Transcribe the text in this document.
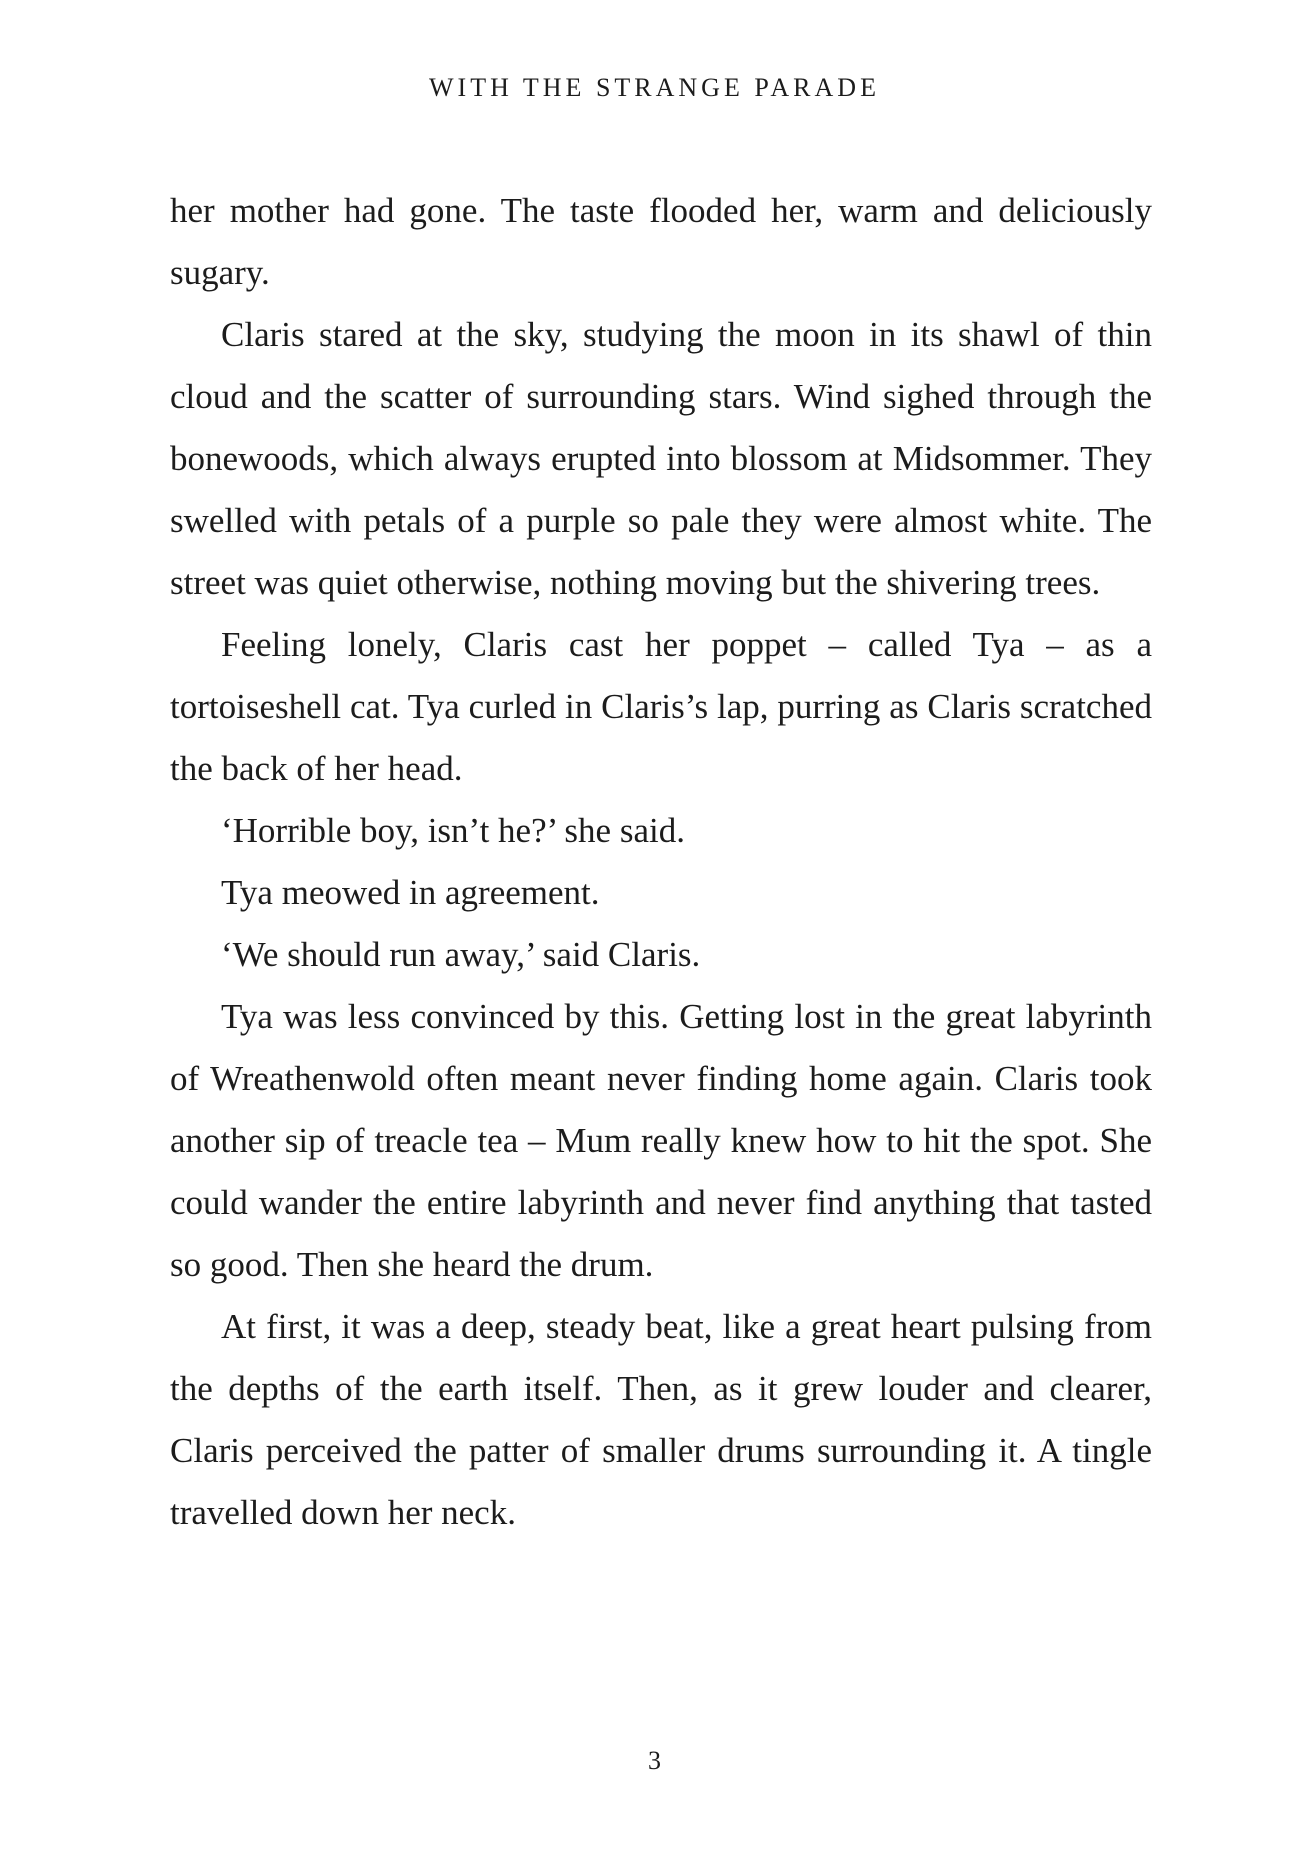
WITH THE STRANGE PARADE

her mother had gone. The taste flooded her, warm and deliciously sugary.

Claris stared at the sky, studying the moon in its shawl of thin cloud and the scatter of surrounding stars. Wind sighed through the bonewoods, which always erupted into blossom at Midsommer. They swelled with petals of a purple so pale they were almost white. The street was quiet otherwise, nothing moving but the shivering trees.

Feeling lonely, Claris cast her poppet – called Tya – as a tortoiseshell cat. Tya curled in Claris’s lap, purring as Claris scratched the back of her head.

‘Horrible boy, isn’t he?’ she said.

Tya meowed in agreement.

‘We should run away,’ said Claris.

Tya was less convinced by this. Getting lost in the great labyrinth of Wreathenwold often meant never finding home again. Claris took another sip of treacle tea – Mum really knew how to hit the spot. She could wander the entire labyrinth and never find anything that tasted so good. Then she heard the drum.

At first, it was a deep, steady beat, like a great heart pulsing from the depths of the earth itself. Then, as it grew louder and clearer, Claris perceived the patter of smaller drums surrounding it. A tingle travelled down her neck.

3
